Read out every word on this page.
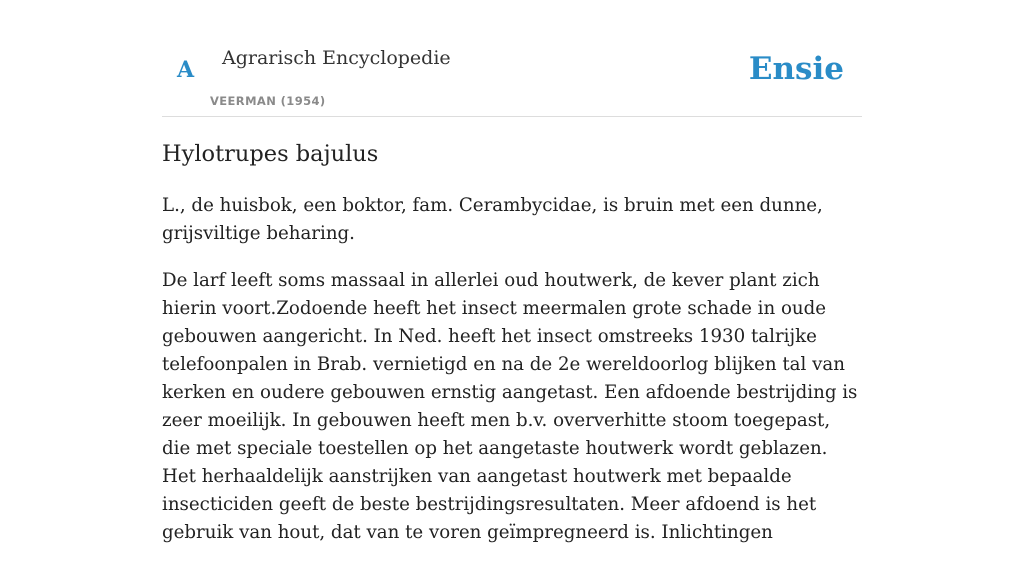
A Agrarisch Encyclopedie
VEERMAN (1954)
Ensie
Hylotrupes bajulus

L., de huisbok, een boktor, fam. Cerambycidae, is bruin met een dunne, grijsviltige beharing.

De larf leeft soms massaal in allerlei oud houtwerk, de kever plant zich hierin voort.Zodoende heeft het insect meermalen grote schade in oude gebouwen aangericht. In Ned. heeft het insect omstreeks 1930 talrijke telefoonpalen in Brab. vernietigd en na de 2e wereldoorlog blijken tal van kerken en oudere gebouwen ernstig aangetast. Een afdoende bestrijding is zeer moeilijk. In gebouwen heeft men b.v. oververhitte stoom toegepast, die met speciale toestellen op het aangetaste houtwerk wordt geblazen. Het herhaaldelijk aanstrijken van aangetast houtwerk met bepaalde insecticiden geeft de beste bestrijdingsresultaten. Meer afdoend is het gebruik van hout, dat van te voren geïmpregneerd is. Inlichtingen
